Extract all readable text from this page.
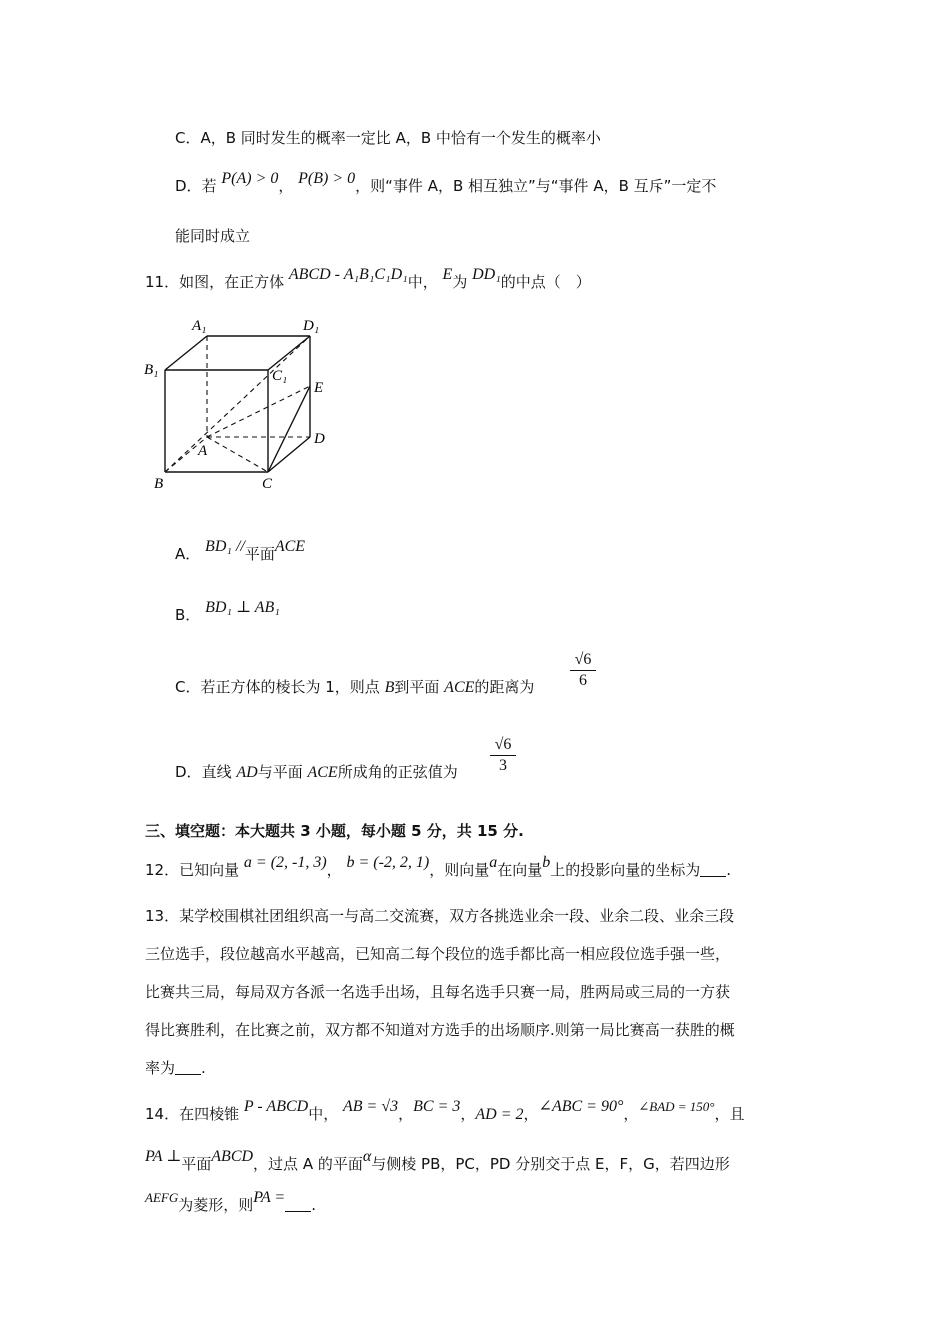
C．A，B 同时发生的概率一定比 A，B 中恰有一个发生的概率小
D．若 P(A) > 0， P(B) > 0，则“事件 A，B 相互独立”与“事件 A，B 互斥”一定不
能同时成立
11．如图，在正方体 ABCD - A₁B₁C₁D₁中， E为 DD₁的中点（　）
A₁	D₁
B₁	C₁
E
D
A
B	C
A． BD₁ //平面ACE
B． BD₁ ⊥ AB₁
C．若正方体的棱长为 1，则点 B到平面 ACE的距离为 $\frac{√6}{6}$
D．直线 AD与平面 ACE所成角的正弦值为 $\frac{√6}{3}$
三、填空题：本大题共 3 小题，每小题 5 分，共 15 分.
12．已知向量 a = (2, -1, 3)， b = (-2, 2, 1)，则向量a在向量b上的投影向量的坐标为 .
13．某学校围棋社团组织高一与高二交流赛，双方各挑选业余一段、业余二段、业余三段
三位选手，段位越高水平越高，已知高二每个段位的选手都比高一相应段位选手强一些，
比赛共三局，每局双方各派一名选手出场，且每名选手只赛一局，胜两局或三局的一方获
得比赛胜利，在比赛之前，双方都不知道对方选手的出场顺序.则第一局比赛高一获胜的概
率为 .
14．在四棱锥 P - ABCD中， AB = √3，BC = 3，AD = 2，∠ABC = 90°，∠BAD = 150°，且
PA ⊥平面ABCD，过点 A 的平面α与侧棱 PB，PC，PD 分别交于点 E，F，G，若四边形
AEFG为菱形，则PA = .
